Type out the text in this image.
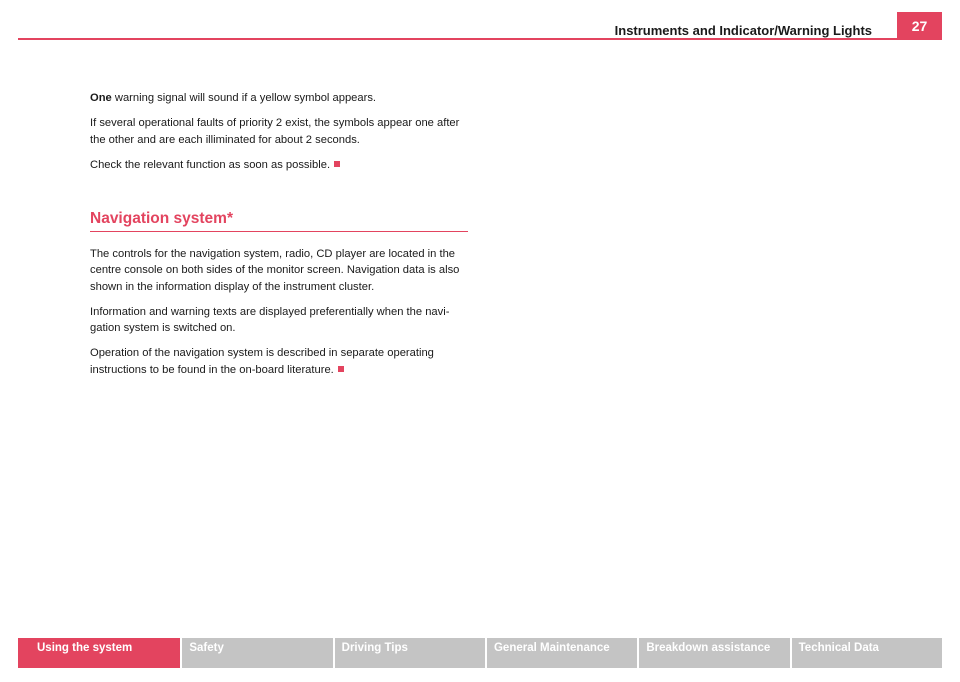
Instruments and Indicator/Warning Lights	27

One warning signal will sound if a yellow symbol appears.

If several operational faults of priority 2 exist, the symbols appear one after the other and are each illiminated for about 2 seconds.

Check the relevant function as soon as possible.

Navigation system*

The controls for the navigation system, radio, CD player are located in the centre console on both sides of the monitor screen. Navigation data is also shown in the information display of the instrument cluster.

Information and warning texts are displayed preferentially when the navi-gation system is switched on.

Operation of the navigation system is described in separate operating instructions to be found in the on-board literature.

Using the system	Safety	Driving Tips	General Maintenance	Breakdown assistance	Technical Data
